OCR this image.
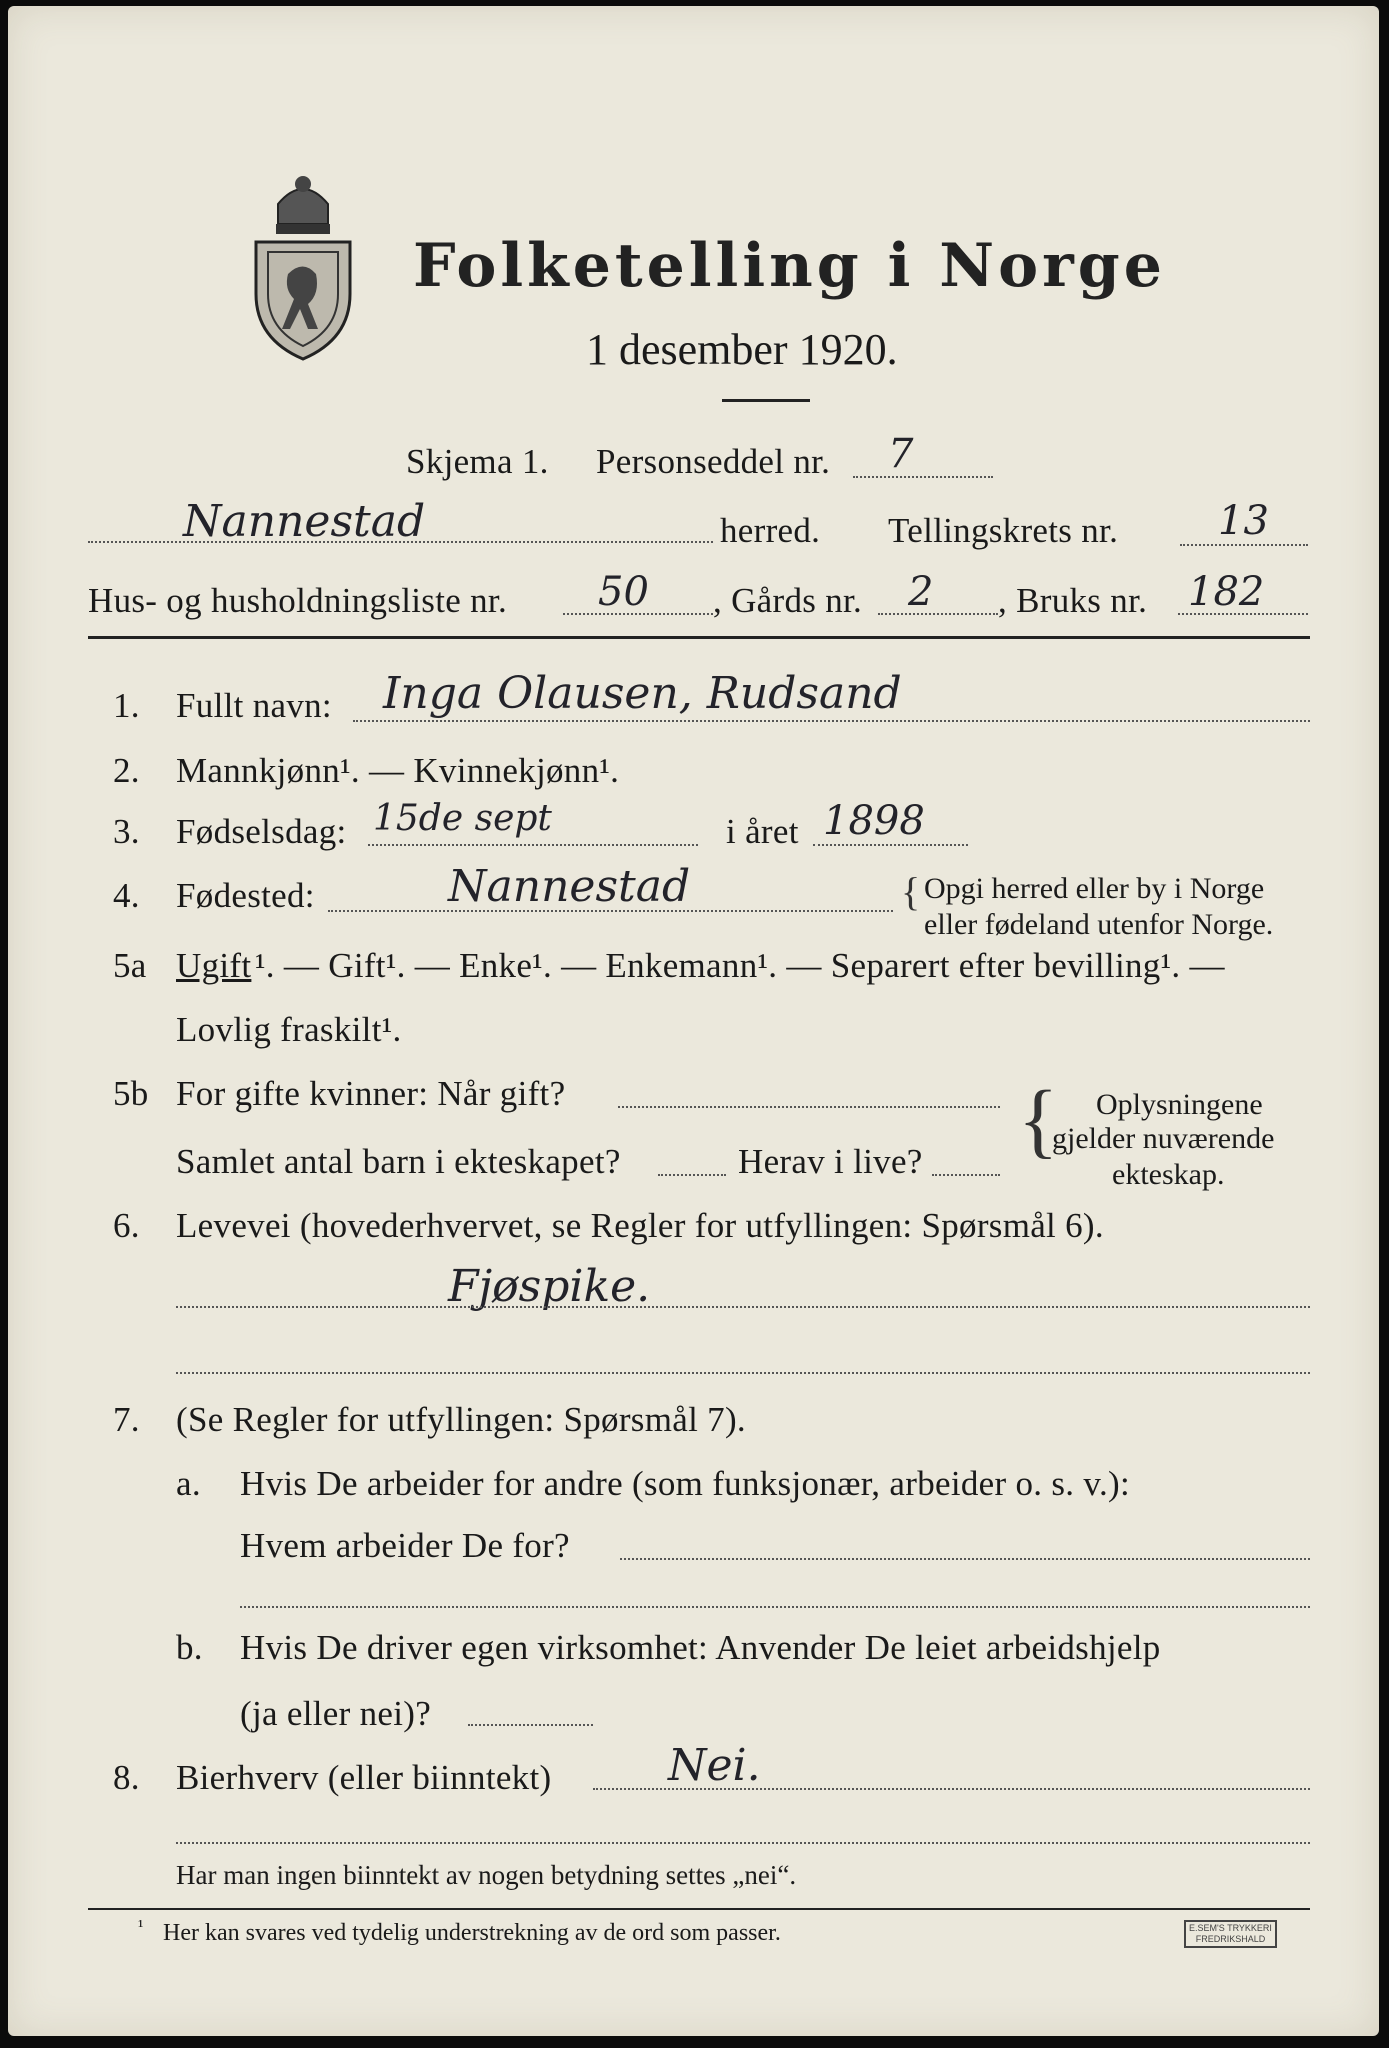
Folketelling i Norge
1 desember 1920.
Skjema 1. Personseddel nr. 7
Nannestad	herred. Tellingskrets nr. 13
Hus- og husholdningsliste nr. 50 , Gårds nr. 2 , Bruks nr. 182
1. Fullt navn: Inga Olausen, Rudsand
2. Mannkjønn¹. — Kvinnekjønn¹.
3. Fødselsdag: 15de sept	i året 1898
4. Fødested:	Nannestad	{ Opgi herred eller by i Norge
eller fødeland utenfor Norge.
5a Ugift ¹. — Gift¹. — Enke¹. — Enkemann¹. — Separert efter bevilling¹. —
Lovlig fraskilt¹.
5b For gifte kvinner: Når gift?
Samlet antal barn i ekteskapet?	Herav i live? { Oplysningene
gjelder nuværende
ekteskap.
6. Levevei (hovederhvervet, se Regler for utfyllingen: Spørsmål 6).
Fjøspike.
7. (Se Regler for utfyllingen: Spørsmål 7).
a. Hvis De arbeider for andre (som funksjonær, arbeider o. s. v.):
Hvem arbeider De for?
b. Hvis De driver egen virksomhet: Anvender De leiet arbeidshjelp
(ja eller nei)?
8. Bierhverv (eller biinntekt)	Nei.
Har man ingen biinntekt av nogen betydning settes „nei“.
¹ Her kan svares ved tydelig understrekning av de ord som passer.	E.SEM'S TRYKKERI
FREDRIKSHALD
